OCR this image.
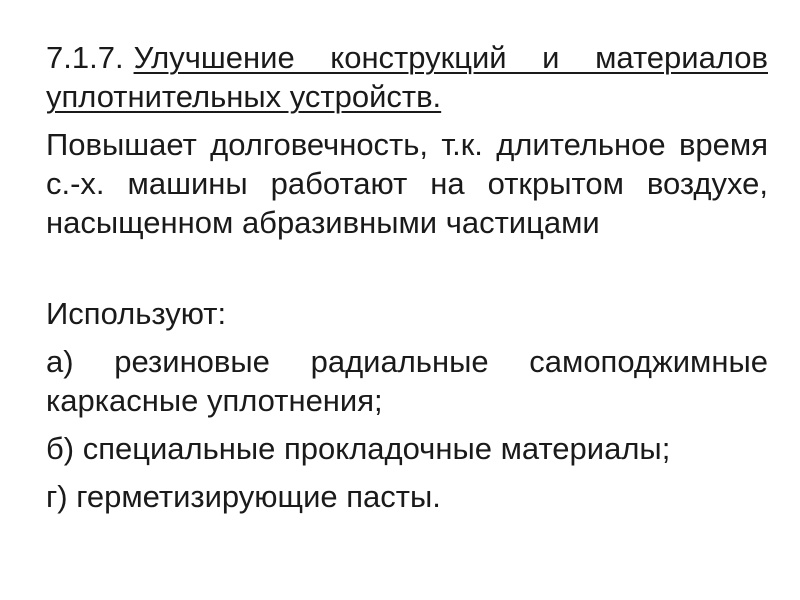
7.1.7. Улучшение конструкций и материалов уплотнительных устройств.

Повышает долговечность, т.к. длительное время с.-х. машины работают на открытом воздухе, насыщенном абразивными частицами

Используют:

а) резиновые радиальные самоподжимные каркасные уплотнения;

б) специальные прокладочные материалы;

г) герметизирующие пасты.
